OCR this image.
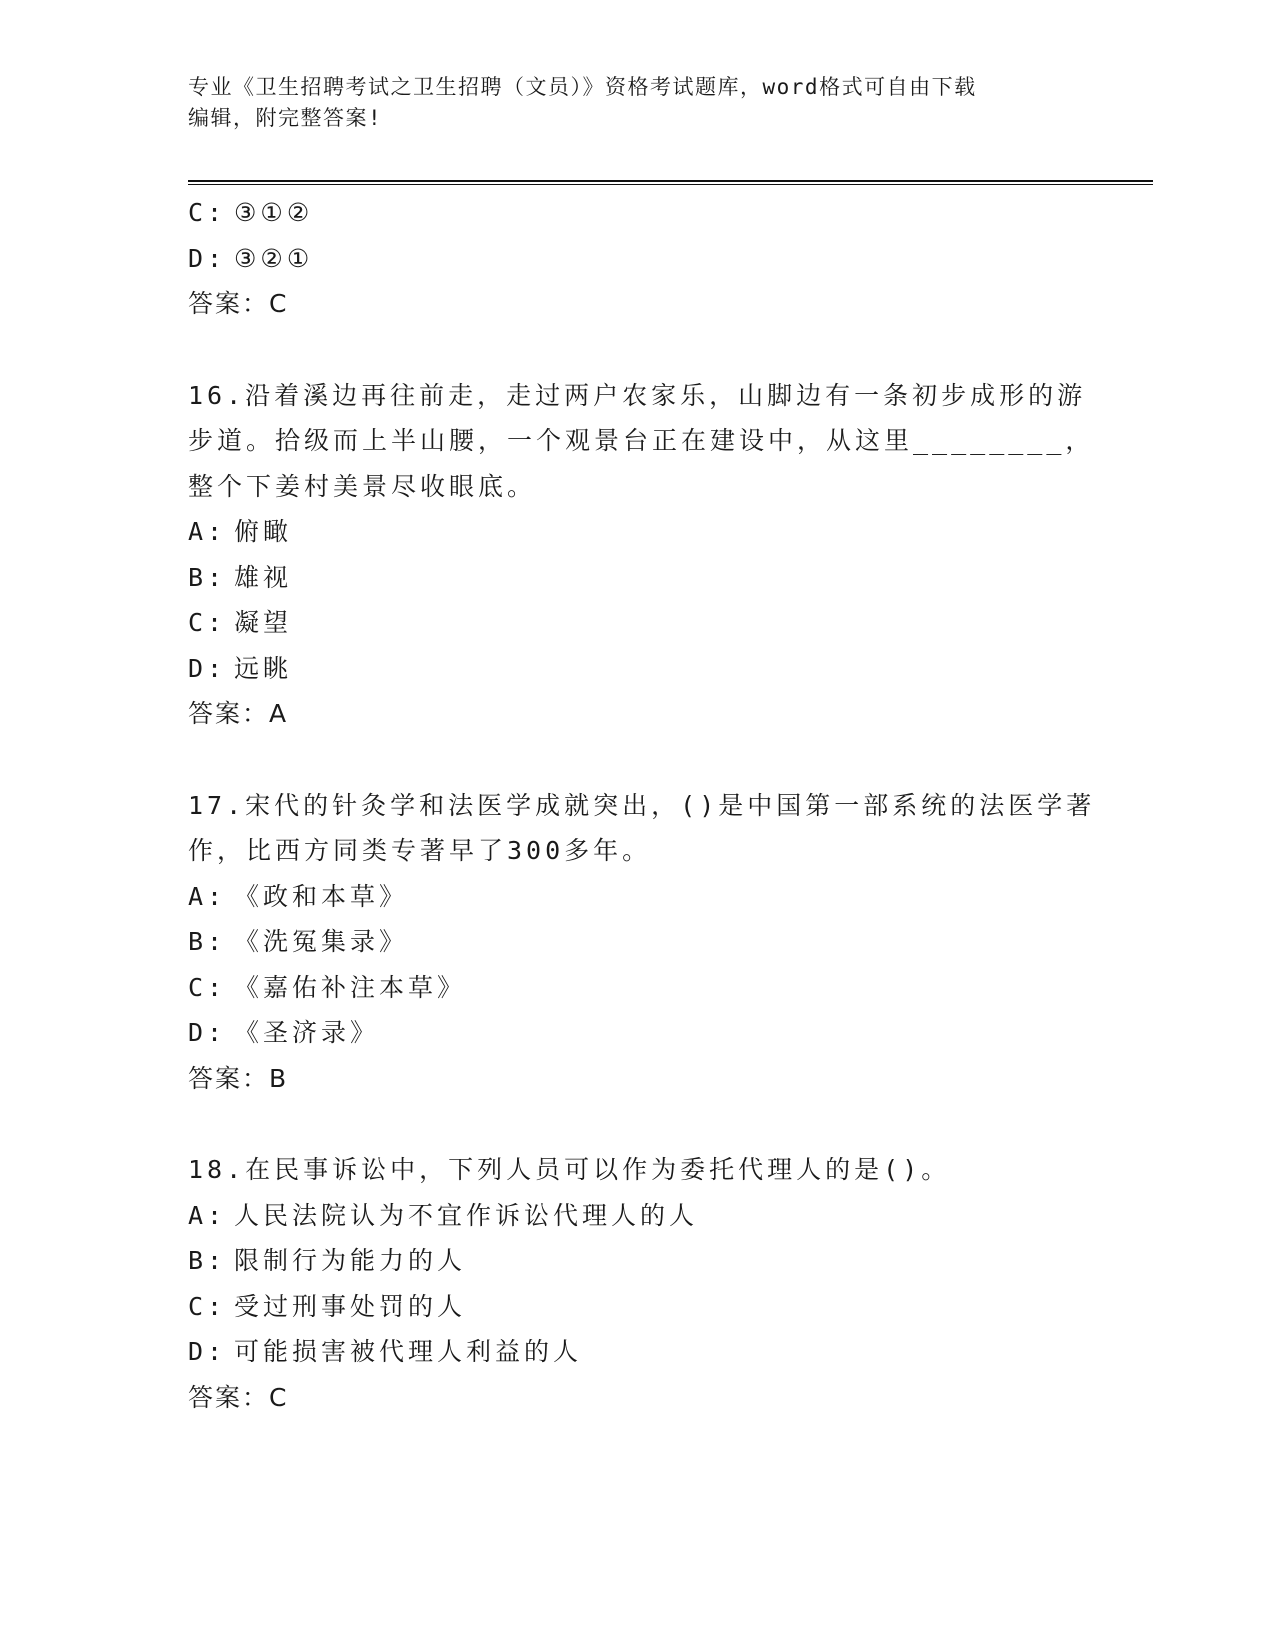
专业《卫生招聘考试之卫生招聘（文员）》资格考试题库，word格式可自由下载
编辑，附完整答案!
C: ③①②
D: ③②①
答案：C
16.沿着溪边再往前走，走过两户农家乐，山脚边有一条初步成形的游
步道。拾级而上半山腰，一个观景台正在建设中，从这里________，
整个下姜村美景尽收眼底。
A: 俯瞰
B: 雄视
C: 凝望
D: 远眺
答案：A
17.宋代的针灸学和法医学成就突出，()是中国第一部系统的法医学著
作，比西方同类专著早了300多年。
A: 《政和本草》
B: 《洗冤集录》
C: 《嘉佑补注本草》
D: 《圣济录》
答案：B
18.在民事诉讼中，下列人员可以作为委托代理人的是()。
A: 人民法院认为不宜作诉讼代理人的人
B: 限制行为能力的人
C: 受过刑事处罚的人
D: 可能损害被代理人利益的人
答案：C
